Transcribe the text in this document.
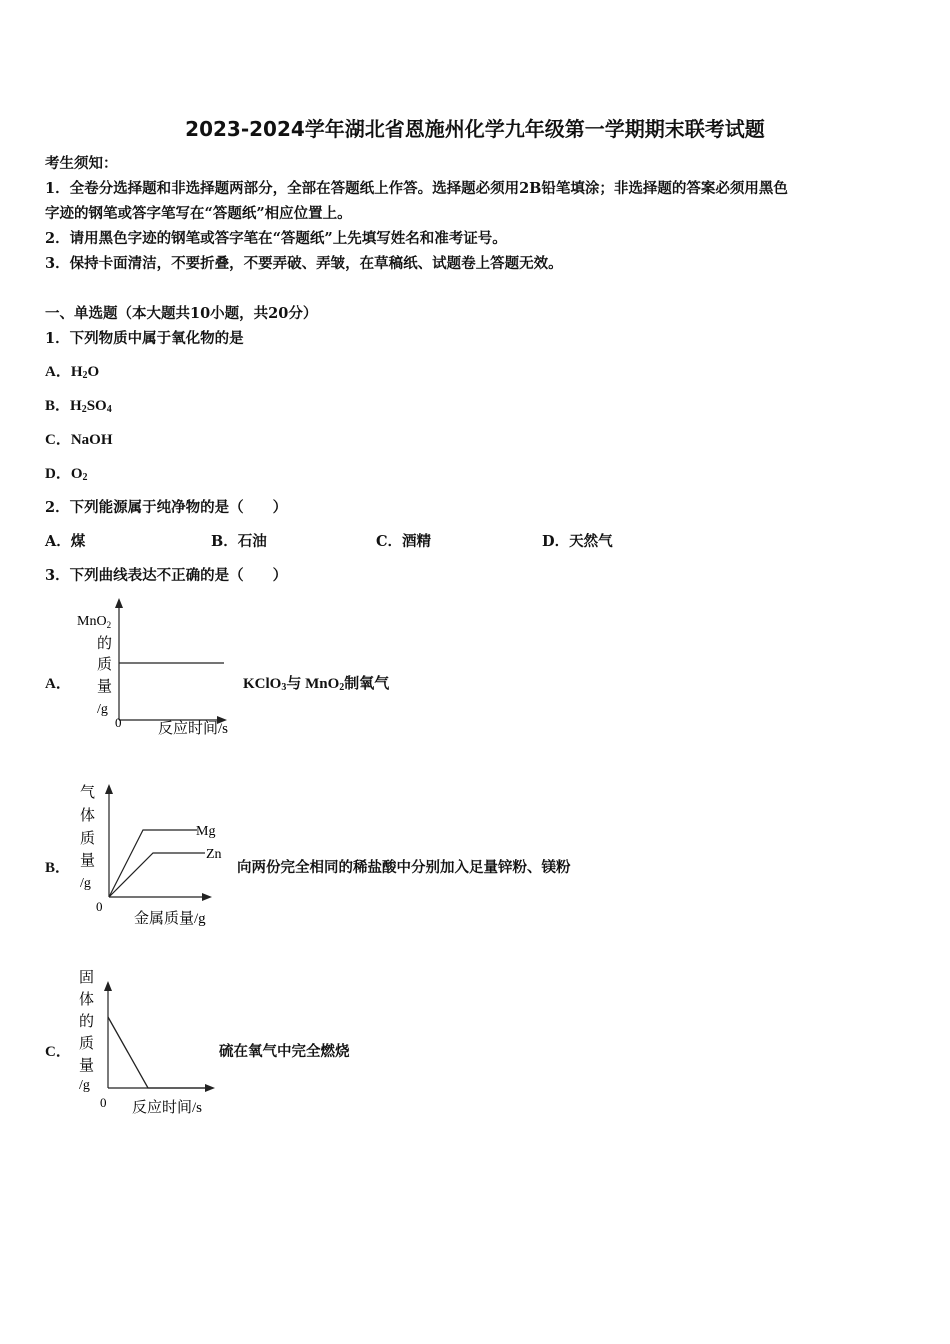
2023-2024学年湖北省恩施州化学九年级第一学期期末联考试题
考生须知：
1．全卷分选择题和非选择题两部分，全部在答题纸上作答。选择题必须用2B铅笔填涂；非选择题的答案必须用黑色
字迹的钢笔或答字笔写在“答题纸”相应位置上。
2．请用黑色字迹的钢笔或答字笔在“答题纸”上先填写姓名和准考证号。
3．保持卡面清洁，不要折叠，不要弄破、弄皱，在草稿纸、试题卷上答题无效。
一、单选题（本大题共10小题，共20分）
1．下列物质中属于氧化物的是
A．$H_2O$
B．$H_2SO_4$
C．NaOH
D．$O_2$
2．下列能源属于纯净物的是（　　）
A．煤	B．石油	C．酒精	D．天然气
3．下列曲线表达不正确的是（　　）
A．
MnO$_2$
的
质
量
/g
0 反应时间/s
KClO$_3$与 MnO$_2$制氧气
B．
Mg
Zn
气
体
质
量
/g
0
金属质量/g
向两份完全相同的稀盐酸中分别加入足量锌粉、镁粉
C．
固
体
的
质
量
/g
0 反应时间/s
硫在氧气中完全燃烧
